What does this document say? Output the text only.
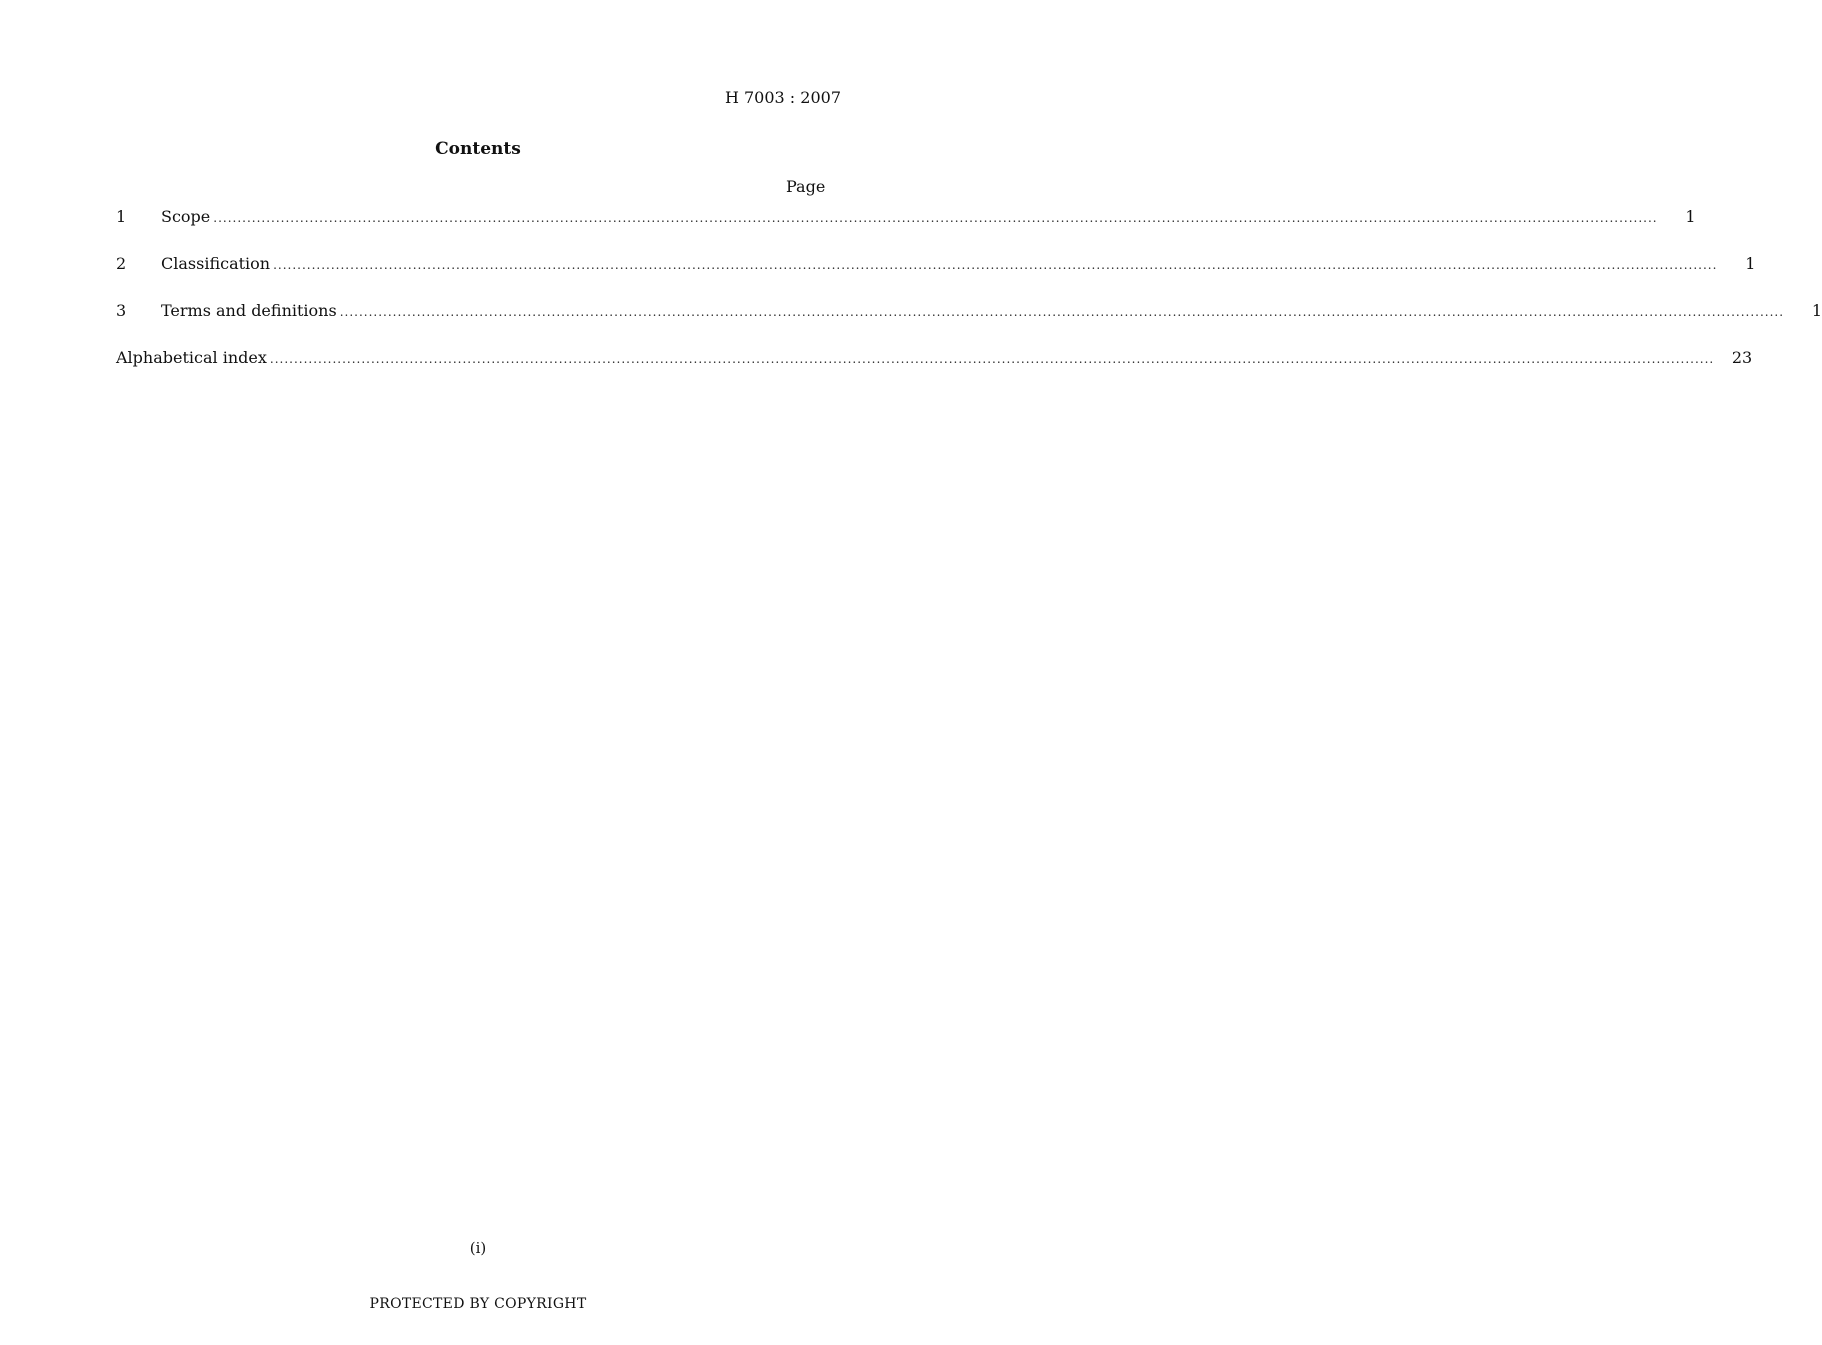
H 7003 : 2007
Contents
Page
1	Scope ............................................................................................................................................................................................................................................................................................................	1
2	Classification ............................................................................................................................................................................................................................................................................................................	1
3	Terms and definitions ............................................................................................................................................................................................................................................................................................................	1
Alphabetical index ............................................................................................................................................................................................................................................................................................................	23
(i)
PROTECTED BY COPYRIGHT
